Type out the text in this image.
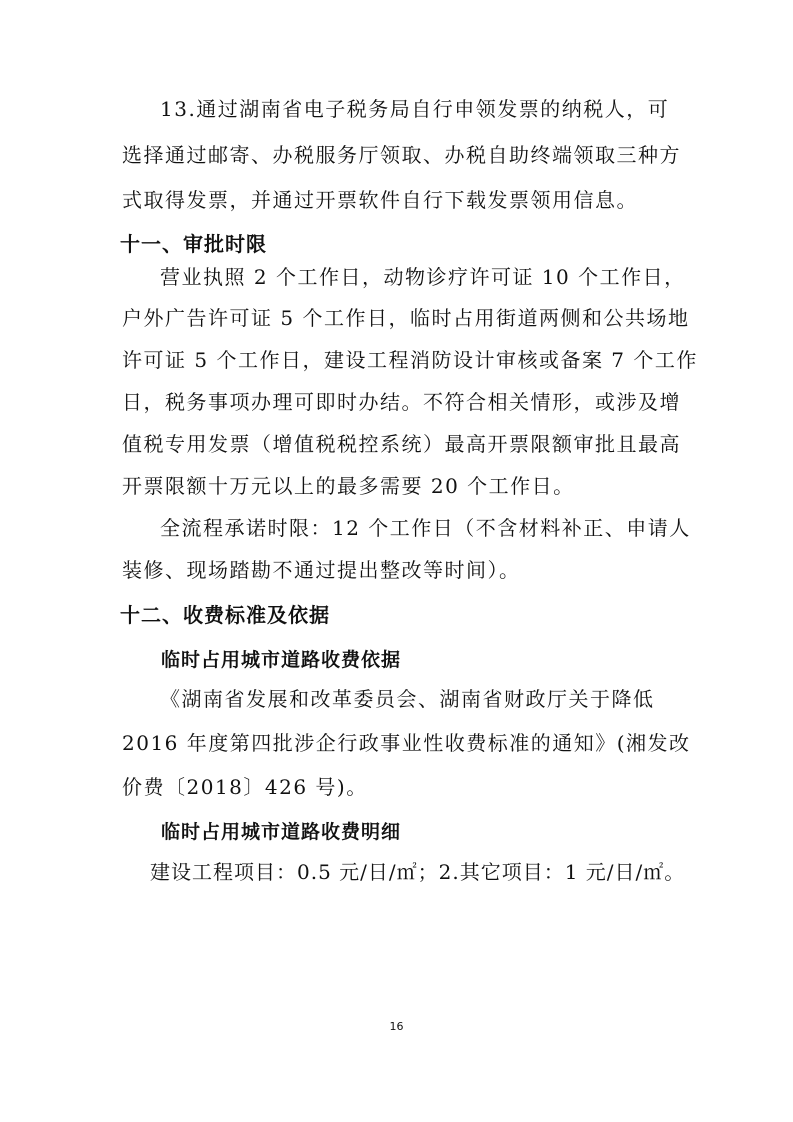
13.通过湖南省电子税务局自行申领发票的纳税人，可
选择通过邮寄、办税服务厅领取、办税自助终端领取三种方
式取得发票，并通过开票软件自行下载发票领用信息。
十一、审批时限
营业执照 2 个工作日，动物诊疗许可证 10 个工作日，
户外广告许可证 5 个工作日，临时占用街道两侧和公共场地
许可证 5 个工作日，建设工程消防设计审核或备案 7 个工作
日，税务事项办理可即时办结。不符合相关情形，或涉及增
值税专用发票（增值税税控系统）最高开票限额审批且最高
开票限额十万元以上的最多需要 20 个工作日。
全流程承诺时限：12 个工作日（不含材料补正、申请人
装修、现场踏勘不通过提出整改等时间）。
十二、收费标准及依据
临时占用城市道路收费依据
《湖南省发展和改革委员会、湖南省财政厅关于降低
2016 年度第四批涉企行政事业性收费标准的通知》(湘发改
价费〔2018〕426 号)。
临时占用城市道路收费明细
建设工程项目：0.5 元/日/㎡；2.其它项目：1 元/日/㎡。
16
